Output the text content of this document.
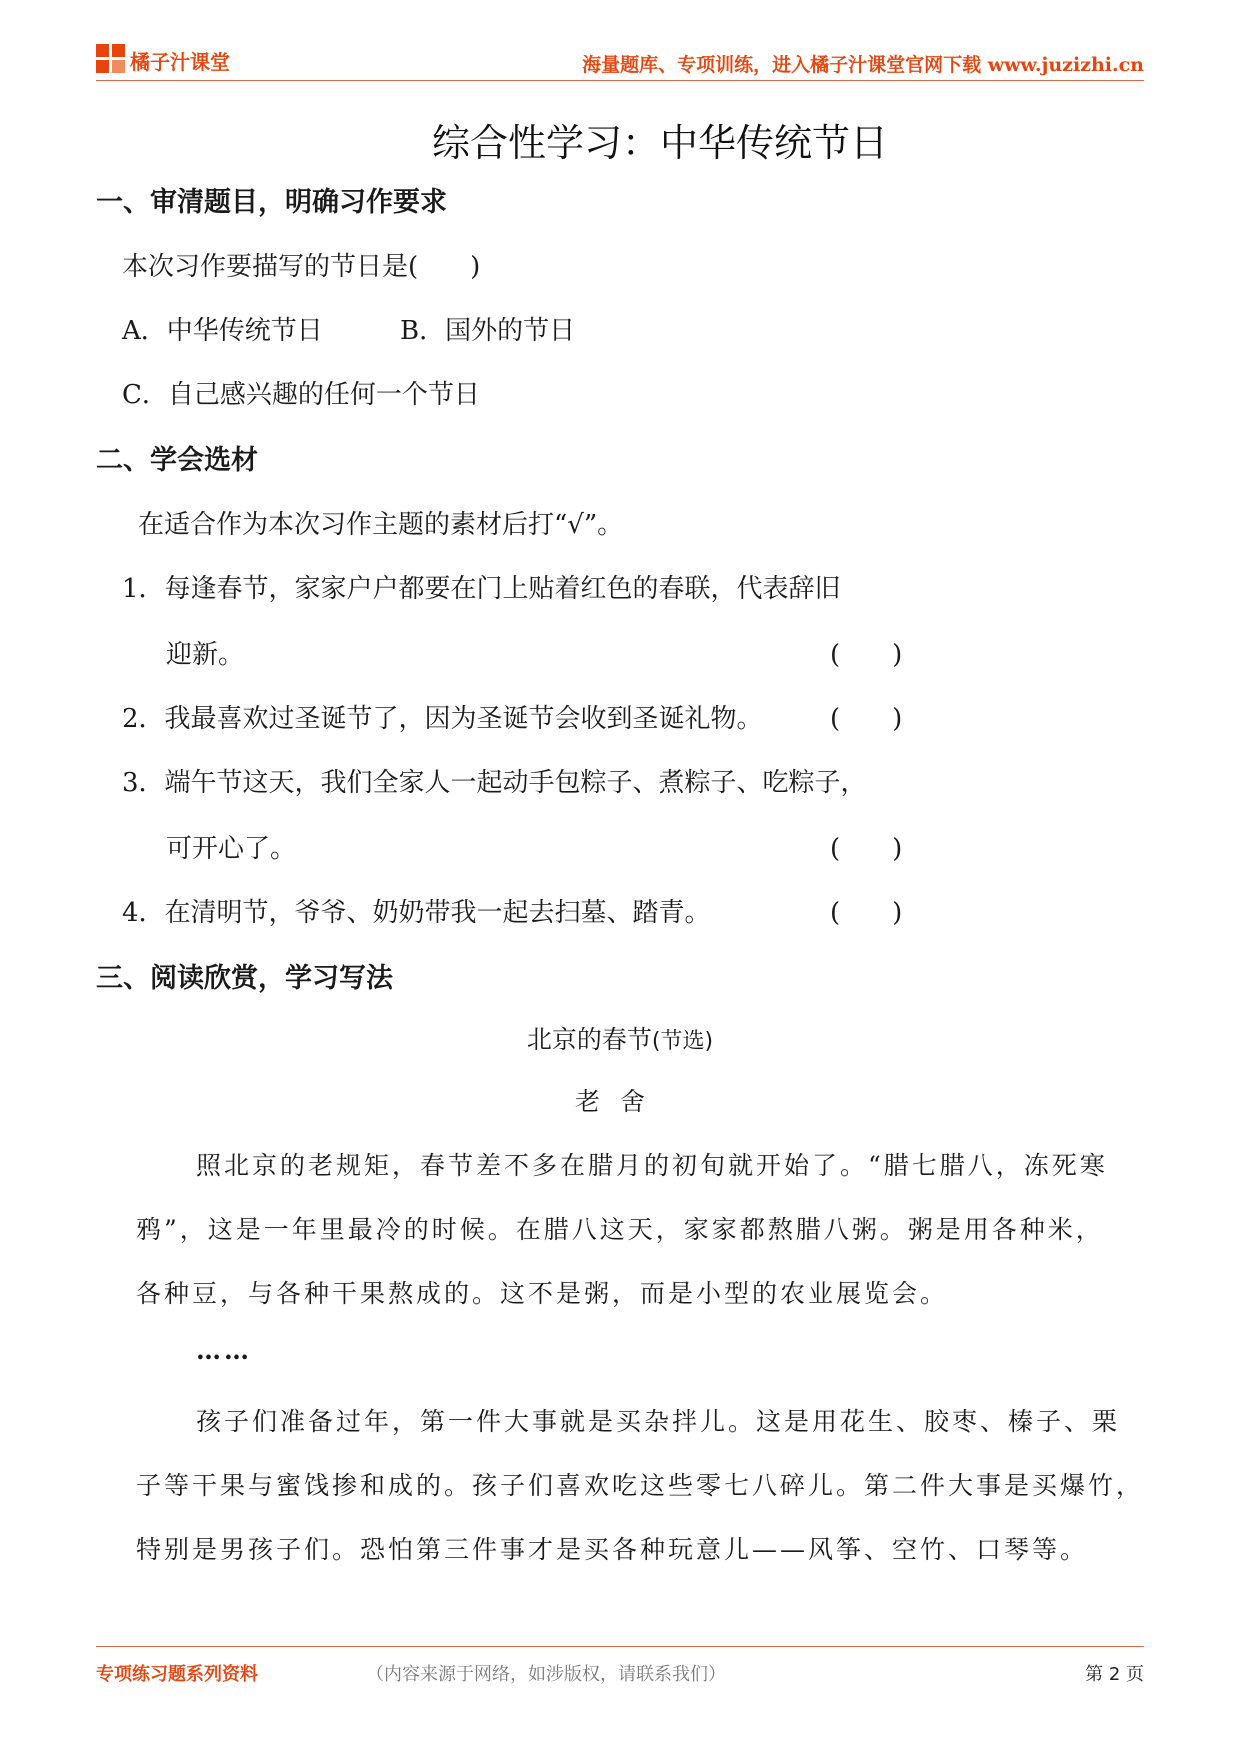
橘子汁课堂	海量题库、专项训练，进入橘子汁课堂官网下载 www.juzizhi.cn
综合性学习：中华传统节日
一、审清题目，明确习作要求
本次习作要描写的节日是(　　)
A．中华传统节日	B．国外的节日
C．自己感兴趣的任何一个节日
二、学会选材
在适合作为本次习作主题的素材后打“√”。
1．每逢春节，家家户户都要在门上贴着红色的春联，代表辞旧
迎新。	(　　)
2．我最喜欢过圣诞节了，因为圣诞节会收到圣诞礼物。	(　　)
3．端午节这天，我们全家人一起动手包粽子、煮粽子、吃粽子，
可开心了。	(　　)
4．在清明节，爷爷、奶奶带我一起去扫墓、踏青。	(　　)
三、阅读欣赏，学习写法
北京的春节(节选)
老舍
照北京的老规矩，春节差不多在腊月的初旬就开始了。“腊七腊八，冻死寒
鸦”，这是一年里最冷的时候。在腊八这天，家家都熬腊八粥。粥是用各种米，
各种豆，与各种干果熬成的。这不是粥，而是小型的农业展览会。
……
孩子们准备过年，第一件大事就是买杂拌儿。这是用花生、胶枣、榛子、栗
子等干果与蜜饯掺和成的。孩子们喜欢吃这些零七八碎儿。第二件大事是买爆竹，
特别是男孩子们。恐怕第三件事才是买各种玩意儿——风筝、空竹、口琴等。
专项练习题系列资料	（内容来源于网络，如涉版权，请联系我们）	第 2 页
